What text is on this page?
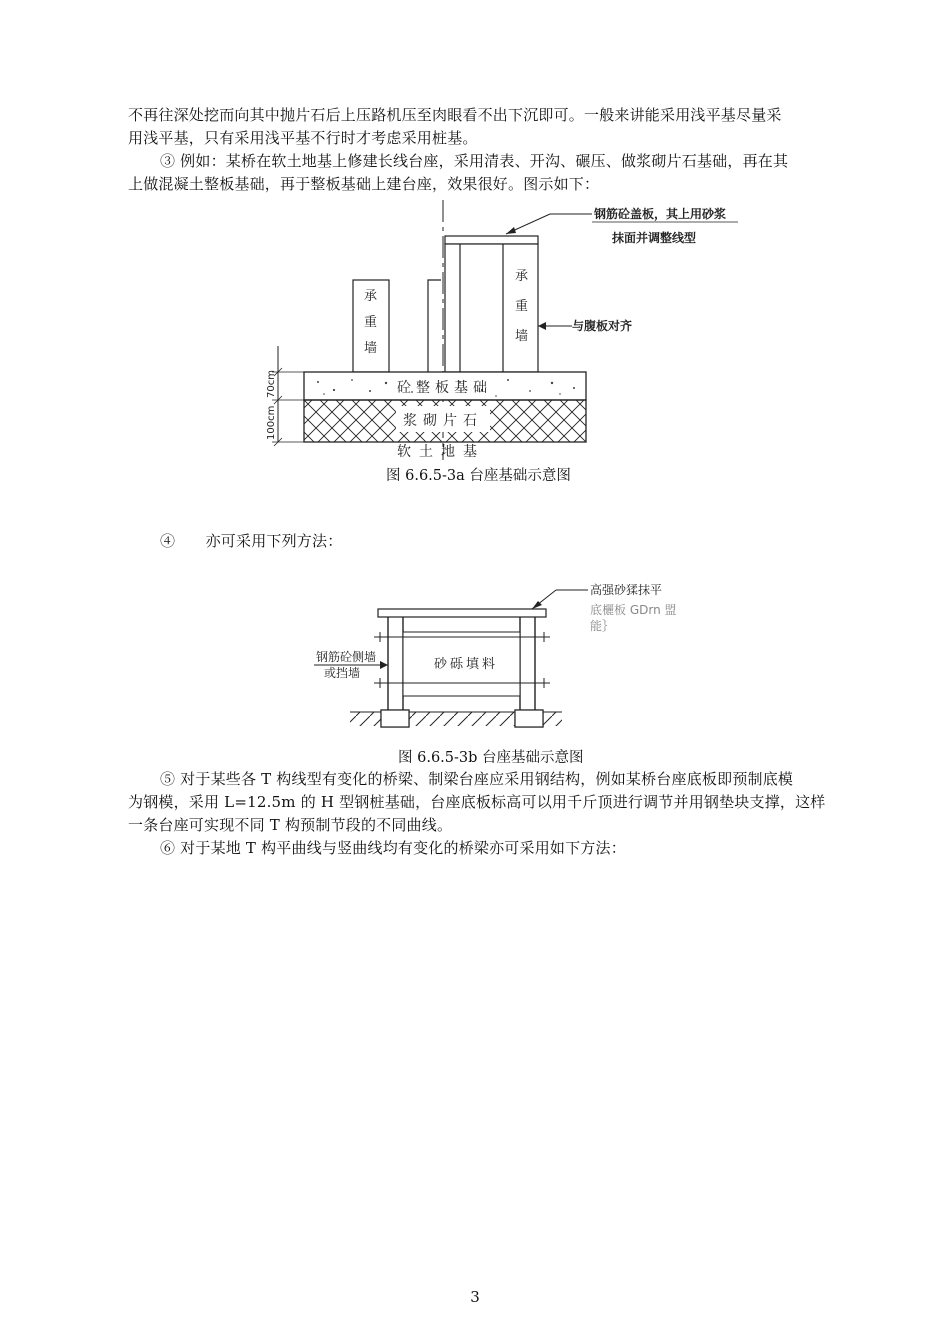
不再往深处挖而向其中抛片石后上压路机压至肉眼看不出下沉即可。一般来讲能采用浅平基尽量采

用浅平基，只有采用浅平基不行时才考虑采用桩基。

③ 例如：某桥在软土地基上修建长线台座，采用清表、开沟、碾压、做浆砌片石基础，再在其

上做混凝土整板基础，再于整板基础上建台座，效果很好。图示如下：

70cm
100cm
承
重
墙
承
重
墙
砼整板基础
浆砌片石
软土地基
钢筋砼盖板，其上用砂浆
抹面并调整线型
与腹板对齐
图 6.6.5-3a 台座基础示意图

④　　亦可采用下列方法：

砂砾填料
高强砂猱抹平
底欐板 GDrn 盟
能｝
钢筋砼侧墙
或挡墙
图 6.6.5-3b 台座基础示意图

⑤ 对于某些各 T 构线型有变化的桥梁、制梁台座应采用钢结构，例如某桥台座底板即预制底模

为钢模，采用 L=12.5m 的 H 型钢桩基础，台座底板标高可以用千斤顶进行调节并用钢垫块支撑，这样

一条台座可实现不同 T 构预制节段的不同曲线。

⑥ 对于某地 T 构平曲线与竖曲线均有变化的桥梁亦可采用如下方法：

3
